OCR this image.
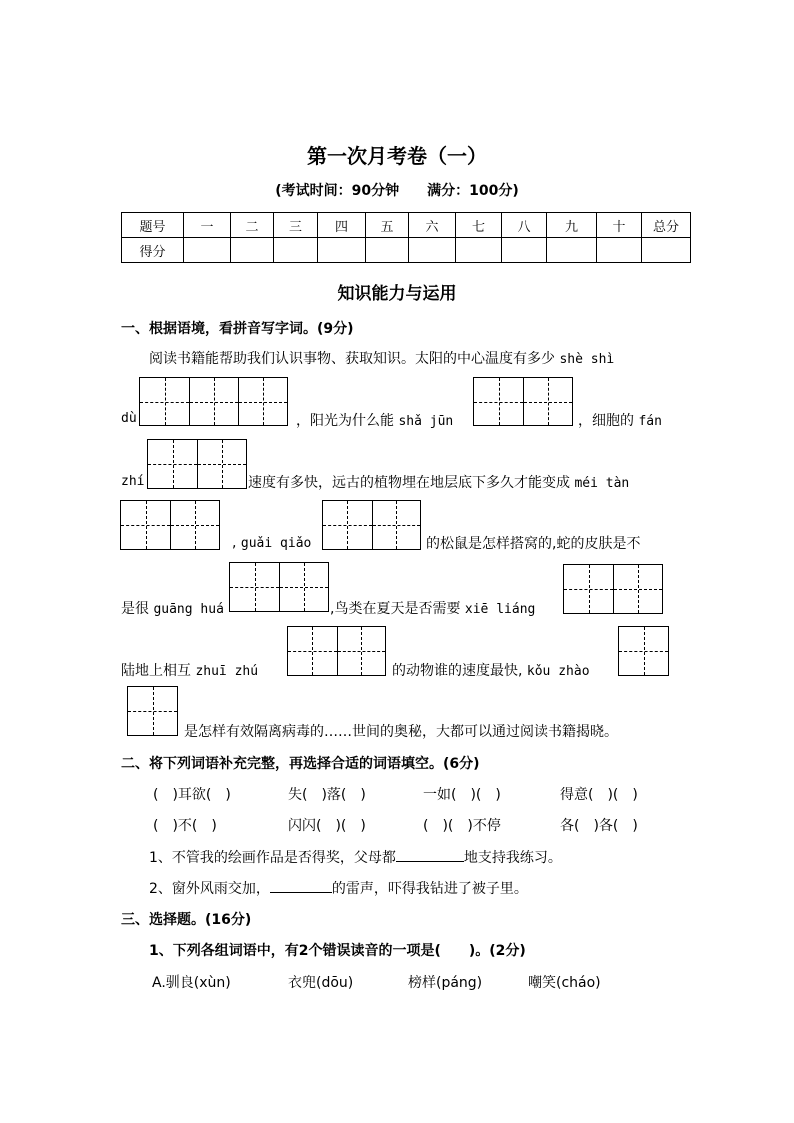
第一次月考卷（一）
(考试时间：90分钟 满分：100分)
题号	一	二	三	四	五	六	七	八	九	十	总分
得分											
知识能力与运用
一、根据语境，看拼音写字词。(9分)
阅读书籍能帮助我们认识事物、获取知识。太阳的中心温度有多少 shè shì
dù	，阳光为什么能 shǎ jūn	，细胞的 fán
zhí	速度有多快，远古的植物埋在地层底下多久才能变成 méi tàn
, guǎi qiǎo	的松鼠是怎样搭窝的,蛇的皮肤是不
是很 guāng huá	,鸟类在夏天是否需要 xiē liáng
陆地上相互 zhuī zhú	的动物谁的速度最快, kǒu zhào
是怎样有效隔离病毒的……世间的奥秘，大都可以通过阅读书籍揭晓。
二、将下列词语补充完整，再选择合适的词语填空。(6分)
(　)耳欲(　)	失(　)落(　)	一如(　)(　)	得意(　)(　)
(　)不(　)	闪闪(　)(　)	(　)(　)不停	各(　)各(　)
1、不管我的绘画作品是否得奖，父母都	地支持我练习。
2、窗外风雨交加，	的雷声，吓得我钻进了被子里。
三、选择题。(16分)
1、下列各组词语中，有2个错误读音的一项是(　　)。(2分)
A.驯良(xùn)	衣兜(dōu)	榜样(páng)	嘲笑(cháo)
